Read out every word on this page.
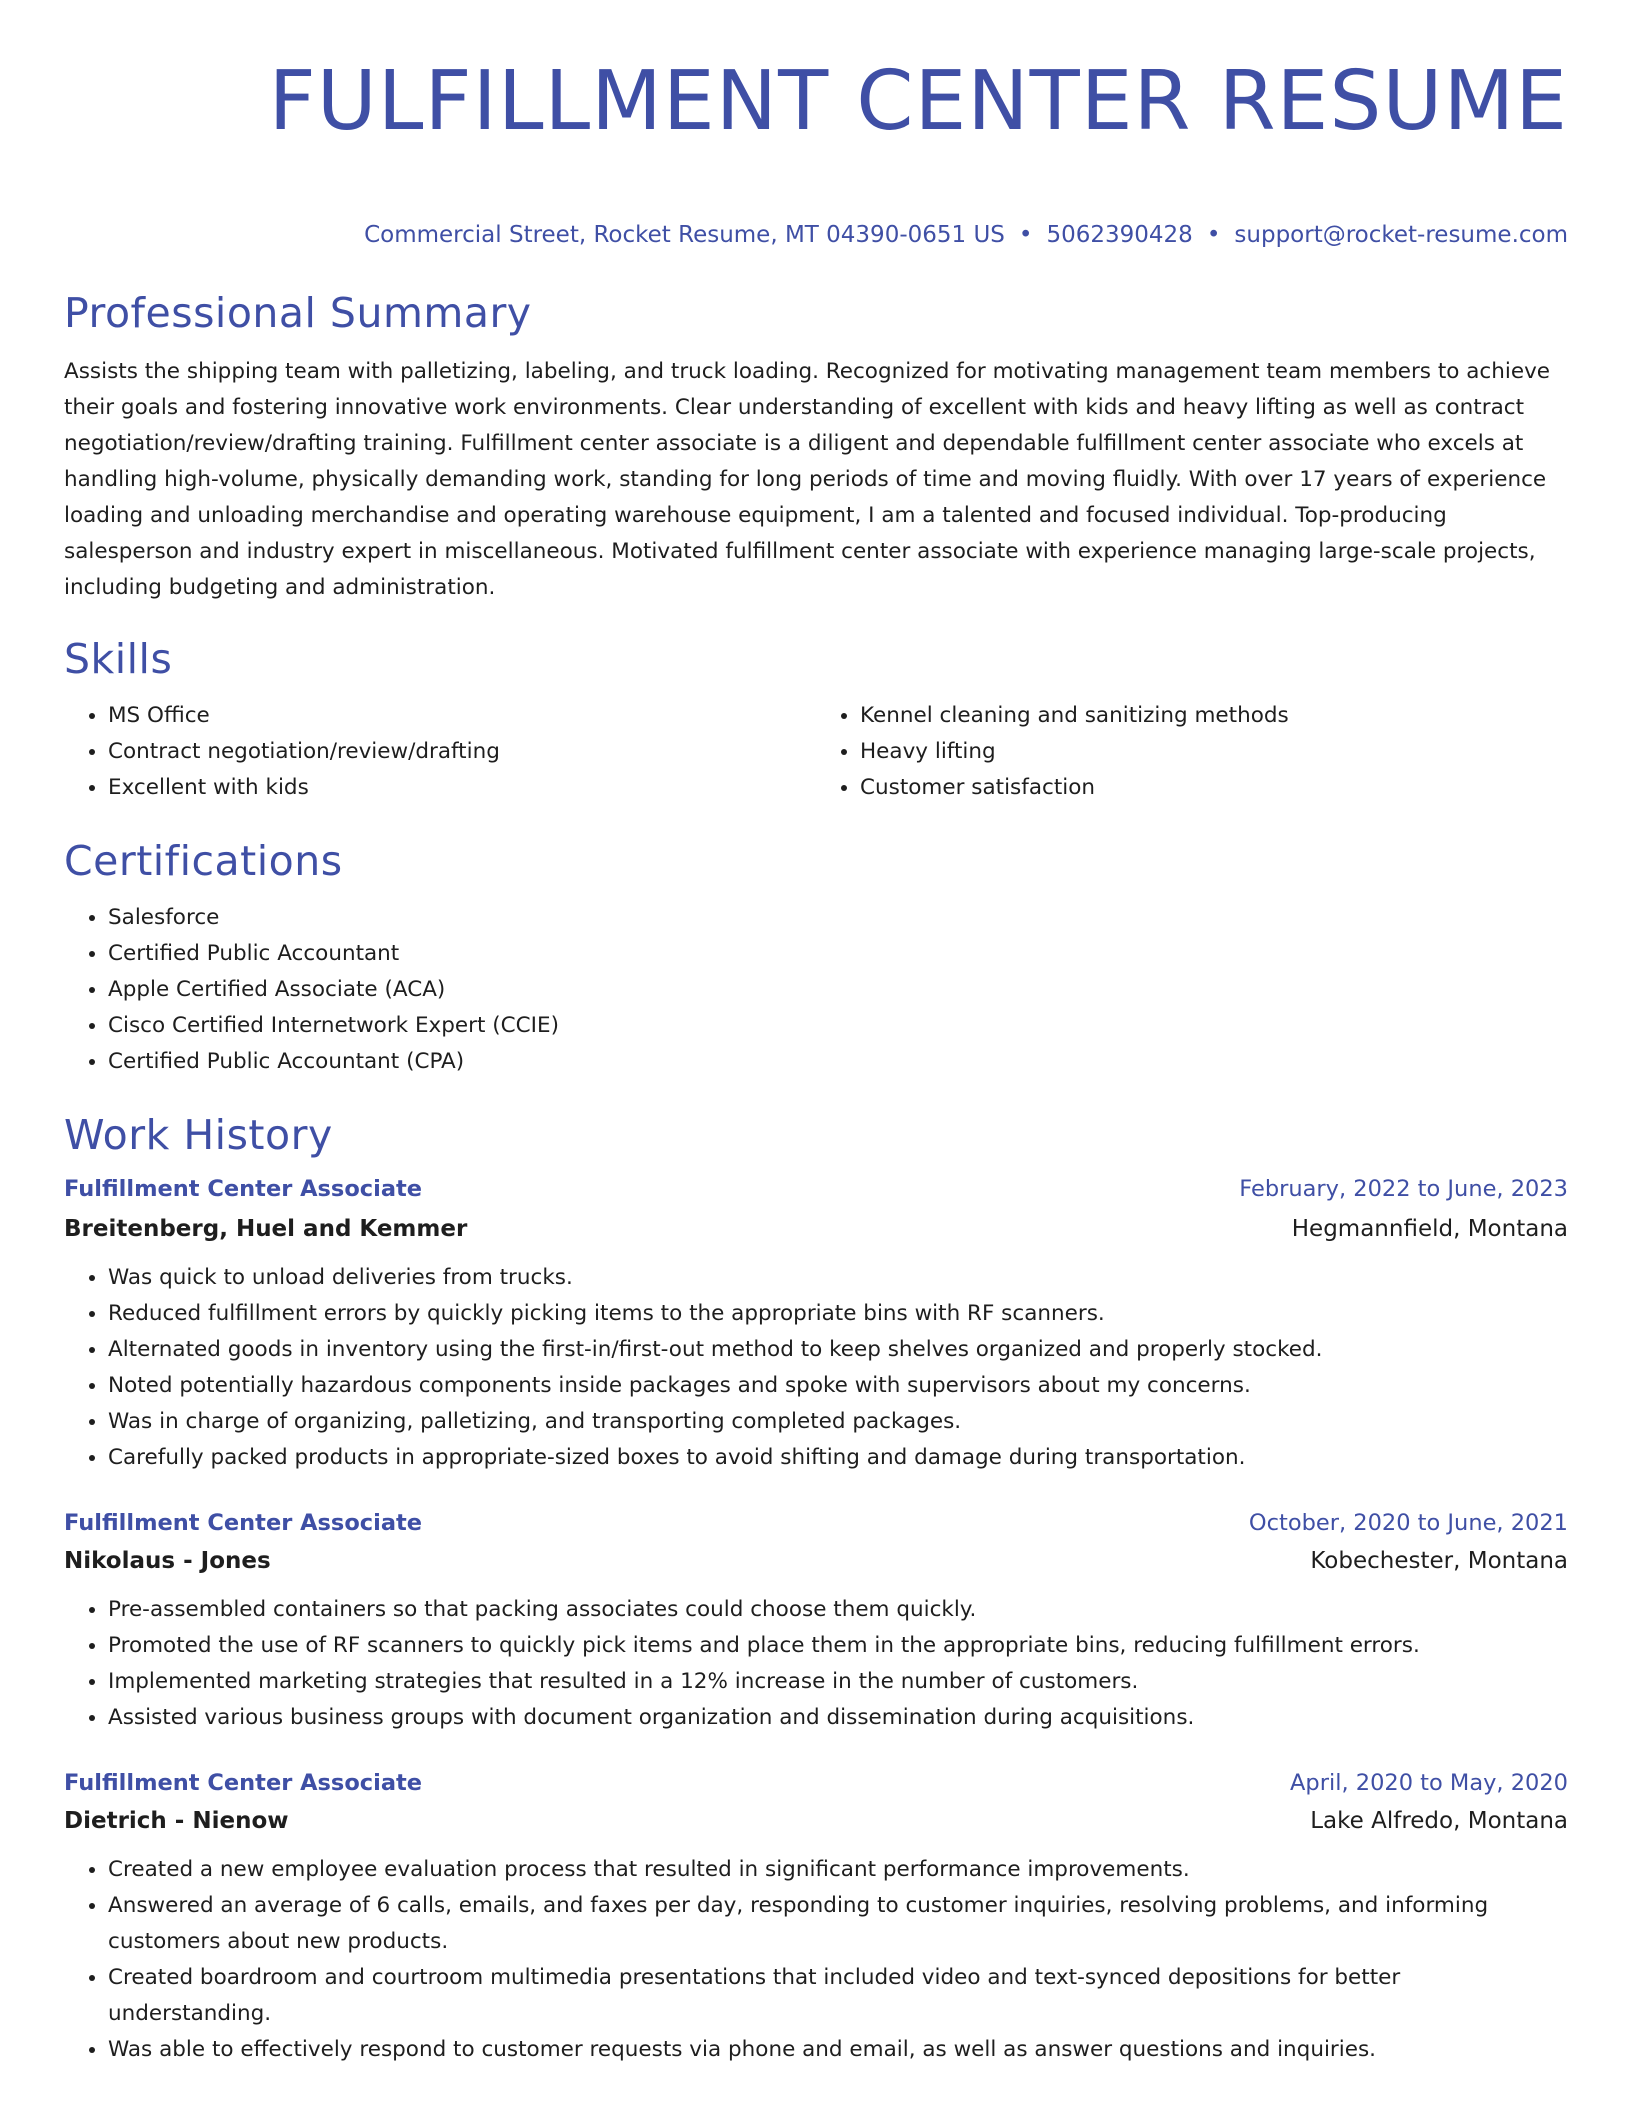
FULFILLMENT CENTER RESUME
Commercial Street, Rocket Resume, MT 04390-0651 US • 5062390428 • support@rocket-resume.com
Professional Summary

Assists the shipping team with palletizing, labeling, and truck loading. Recognized for motivating management team members to achieve their goals and fostering innovative work environments. Clear understanding of excellent with kids and heavy lifting as well as contract negotiation/review/drafting training. Fulfillment center associate is a diligent and dependable fulfillment center associate who excels at handling high-volume, physically demanding work, standing for long periods of time and moving fluidly. With over 17 years of experience loading and unloading merchandise and operating warehouse equipment, I am a talented and focused individual. Top-producing salesperson and industry expert in miscellaneous. Motivated fulfillment center associate with experience managing large-scale projects, including budgeting and administration.

Skills
• MS Office
• Contract negotiation/review/drafting
• Excellent with kids
• Kennel cleaning and sanitizing methods
• Heavy lifting
• Customer satisfaction
Certifications
• Salesforce
• Certified Public Accountant
• Apple Certified Associate (ACA)
• Cisco Certified Internetwork Expert (CCIE)
• Certified Public Accountant (CPA)
Work History
Fulfillment Center Associate	February, 2022 to June, 2023
Breitenberg, Huel and Kemmer	Hegmannfield, Montana
• Was quick to unload deliveries from trucks.
• Reduced fulfillment errors by quickly picking items to the appropriate bins with RF scanners.
• Alternated goods in inventory using the first-in/first-out method to keep shelves organized and properly stocked.
• Noted potentially hazardous components inside packages and spoke with supervisors about my concerns.
• Was in charge of organizing, palletizing, and transporting completed packages.
• Carefully packed products in appropriate-sized boxes to avoid shifting and damage during transportation.
Fulfillment Center Associate	October, 2020 to June, 2021
Nikolaus - Jones	Kobechester, Montana
• Pre-assembled containers so that packing associates could choose them quickly.
• Promoted the use of RF scanners to quickly pick items and place them in the appropriate bins, reducing fulfillment errors.
• Implemented marketing strategies that resulted in a 12% increase in the number of customers.
• Assisted various business groups with document organization and dissemination during acquisitions.
Fulfillment Center Associate	April, 2020 to May, 2020
Dietrich - Nienow	Lake Alfredo, Montana
• Created a new employee evaluation process that resulted in significant performance improvements.
• Answered an average of 6 calls, emails, and faxes per day, responding to customer inquiries, resolving problems, and informing customers about new products.
• Created boardroom and courtroom multimedia presentations that included video and text-synced depositions for better understanding.
• Was able to effectively respond to customer requests via phone and email, as well as answer questions and inquiries.
